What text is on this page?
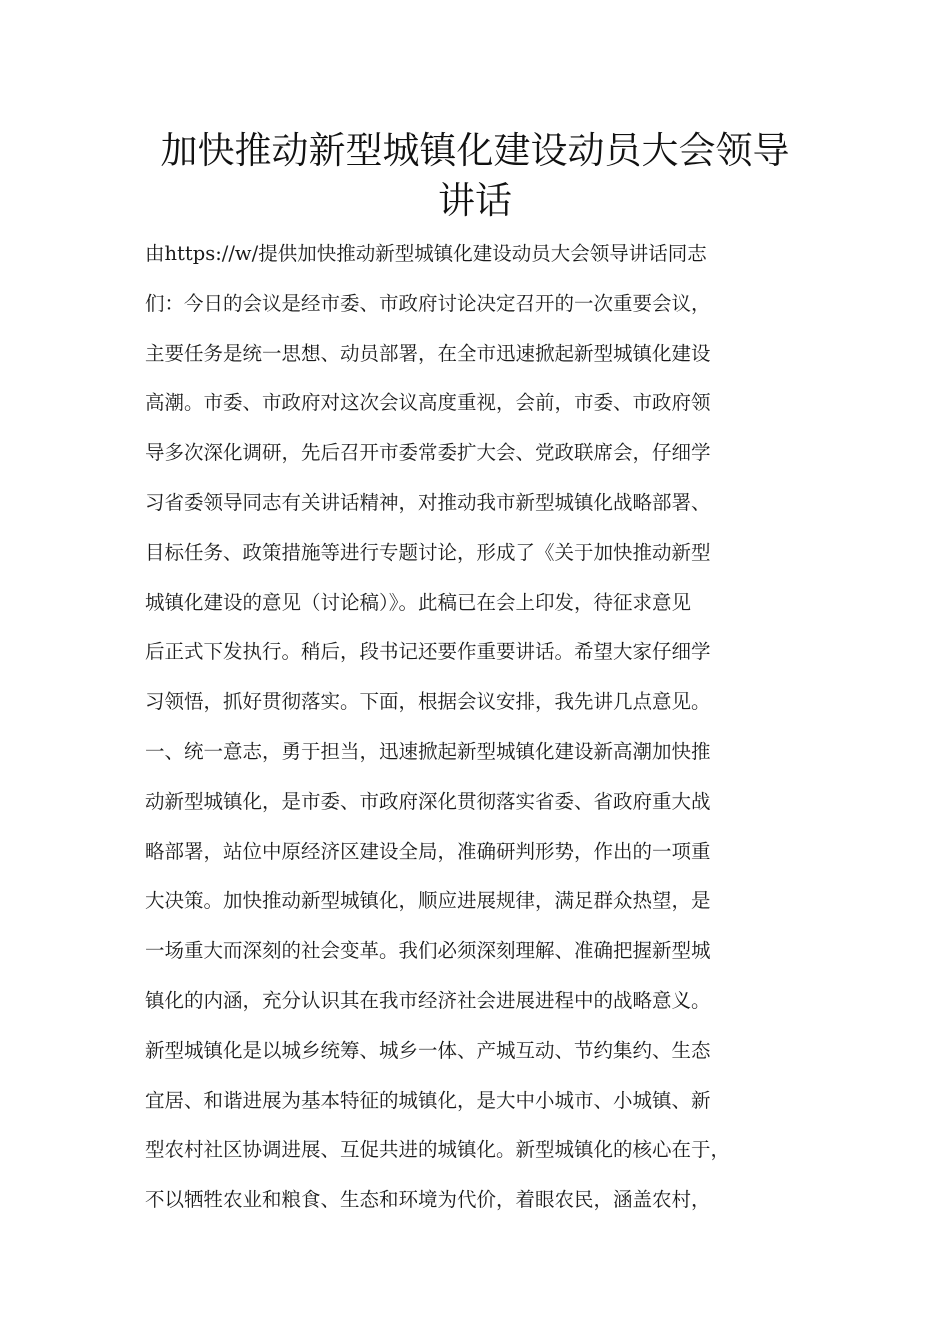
加快推动新型城镇化建设动员大会领导
讲话
由https://w/提供加快推动新型城镇化建设动员大会领导讲话同志
们：今日的会议是经市委、市政府讨论决定召开的一次重要会议，
主要任务是统一思想、动员部署，在全市迅速掀起新型城镇化建设
高潮。市委、市政府对这次会议高度重视，会前，市委、市政府领
导多次深化调研，先后召开市委常委扩大会、党政联席会，仔细学
习省委领导同志有关讲话精神，对推动我市新型城镇化战略部署、
目标任务、政策措施等进行专题讨论，形成了《关于加快推动新型
城镇化建设的意见（讨论稿）》。此稿已在会上印发，待征求意见
后正式下发执行。稍后，段书记还要作重要讲话。希望大家仔细学
习领悟，抓好贯彻落实。下面，根据会议安排，我先讲几点意见。
一、统一意志，勇于担当，迅速掀起新型城镇化建设新高潮加快推
动新型城镇化，是市委、市政府深化贯彻落实省委、省政府重大战
略部署，站位中原经济区建设全局，准确研判形势，作出的一项重
大决策。加快推动新型城镇化，顺应进展规律，满足群众热望，是
一场重大而深刻的社会变革。我们必须深刻理解、准确把握新型城
镇化的内涵，充分认识其在我市经济社会进展进程中的战略意义。
新型城镇化是以城乡统筹、城乡一体、产城互动、节约集约、生态
宜居、和谐进展为基本特征的城镇化，是大中小城市、小城镇、新
型农村社区协调进展、互促共进的城镇化。新型城镇化的核心在于，
不以牺牲农业和粮食、生态和环境为代价，着眼农民，涵盖农村，
